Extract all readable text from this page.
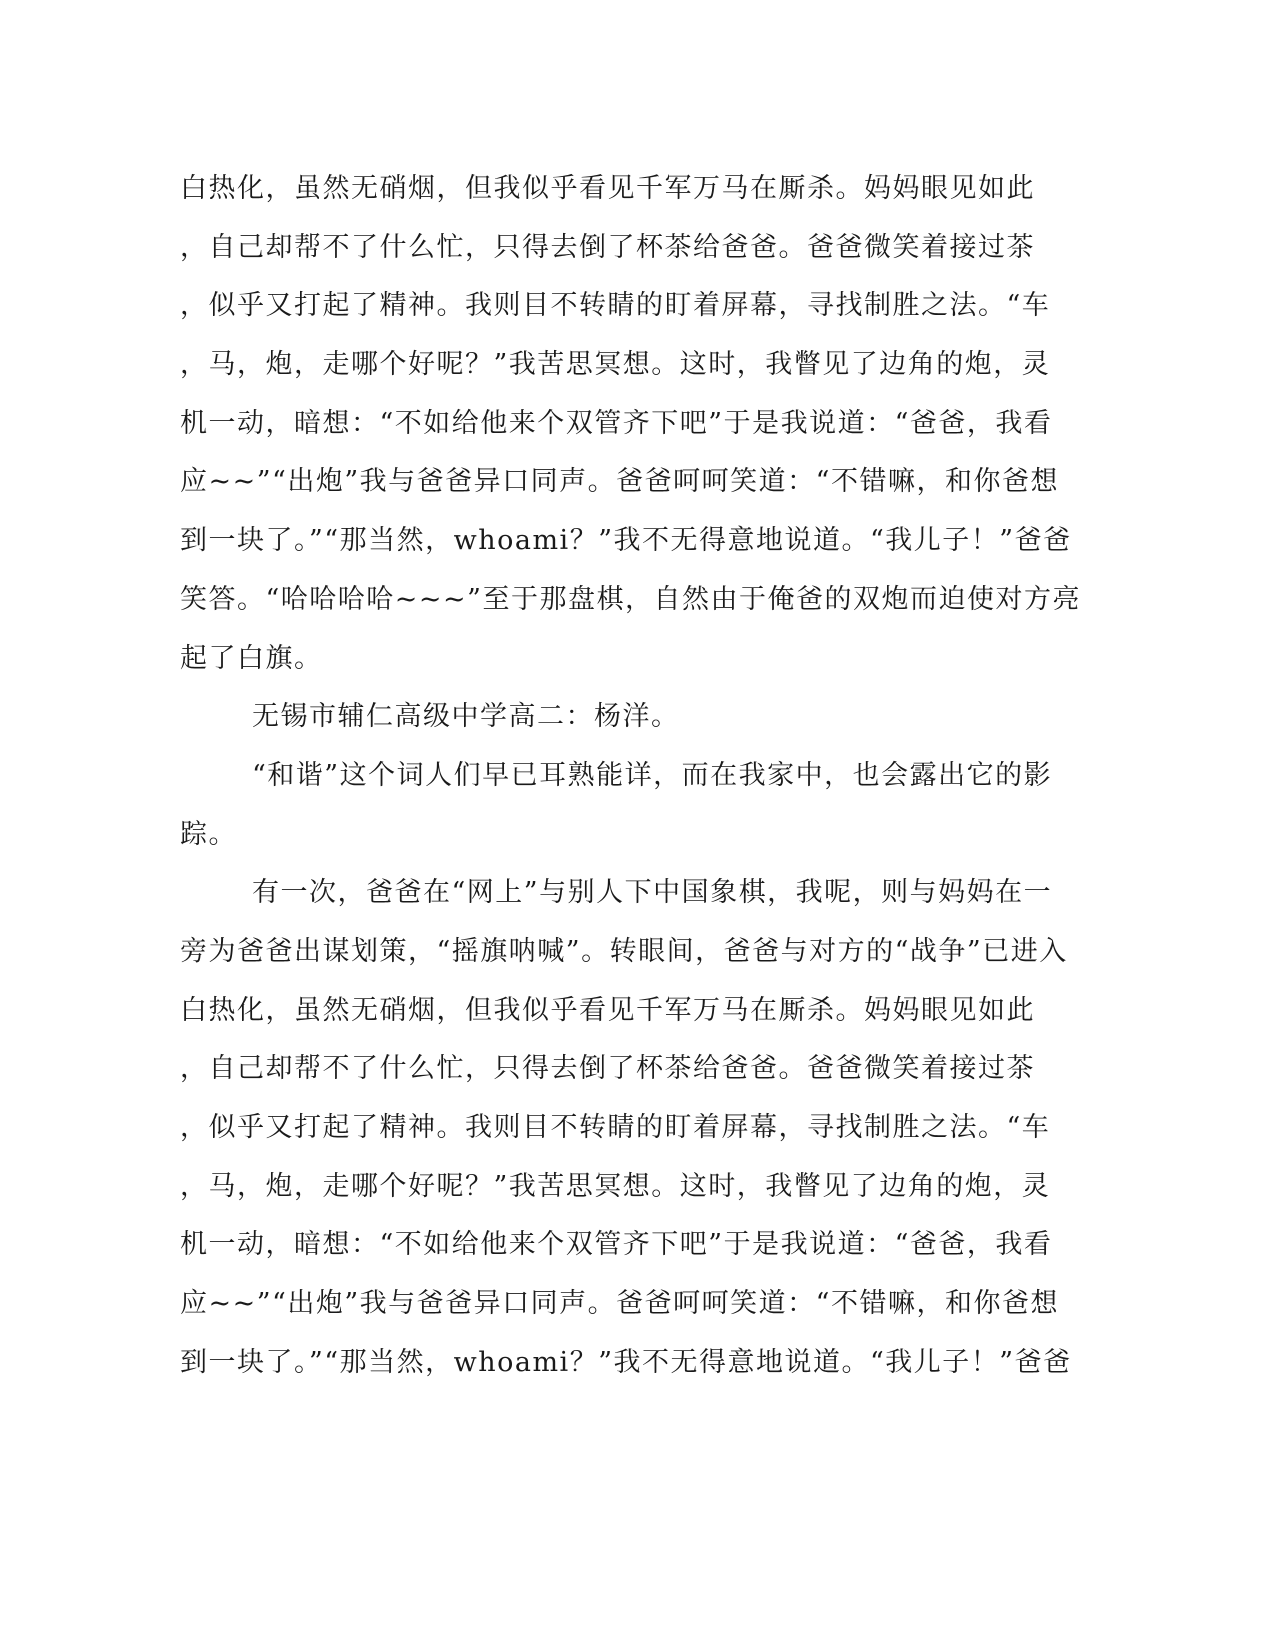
白热化，虽然无硝烟，但我似乎看见千军万马在厮杀。妈妈眼见如此
，自己却帮不了什么忙，只得去倒了杯茶给爸爸。爸爸微笑着接过茶
，似乎又打起了精神。我则目不转睛的盯着屏幕，寻找制胜之法。“车
，马，炮，走哪个好呢？”我苦思冥想。这时，我瞥见了边角的炮，灵
机一动，暗想：“不如给他来个双管齐下吧”于是我说道：“爸爸，我看
应~~”“出炮”我与爸爸异口同声。爸爸呵呵笑道：“不错嘛，和你爸想
到一块了。”“那当然，whoami？”我不无得意地说道。“我儿子！”爸爸
笑答。“哈哈哈哈~~~”至于那盘棋，自然由于俺爸的双炮而迫使对方亮
起了白旗。
无锡市辅仁高级中学高二：杨洋。
“和谐”这个词人们早已耳熟能详，而在我家中，也会露出它的影
踪。
有一次，爸爸在“网上”与别人下中国象棋，我呢，则与妈妈在一
旁为爸爸出谋划策，“摇旗呐喊”。转眼间，爸爸与对方的“战争”已进入
白热化，虽然无硝烟，但我似乎看见千军万马在厮杀。妈妈眼见如此
，自己却帮不了什么忙，只得去倒了杯茶给爸爸。爸爸微笑着接过茶
，似乎又打起了精神。我则目不转睛的盯着屏幕，寻找制胜之法。“车
，马，炮，走哪个好呢？”我苦思冥想。这时，我瞥见了边角的炮，灵
机一动，暗想：“不如给他来个双管齐下吧”于是我说道：“爸爸，我看
应~~”“出炮”我与爸爸异口同声。爸爸呵呵笑道：“不错嘛，和你爸想
到一块了。”“那当然，whoami？”我不无得意地说道。“我儿子！”爸爸
